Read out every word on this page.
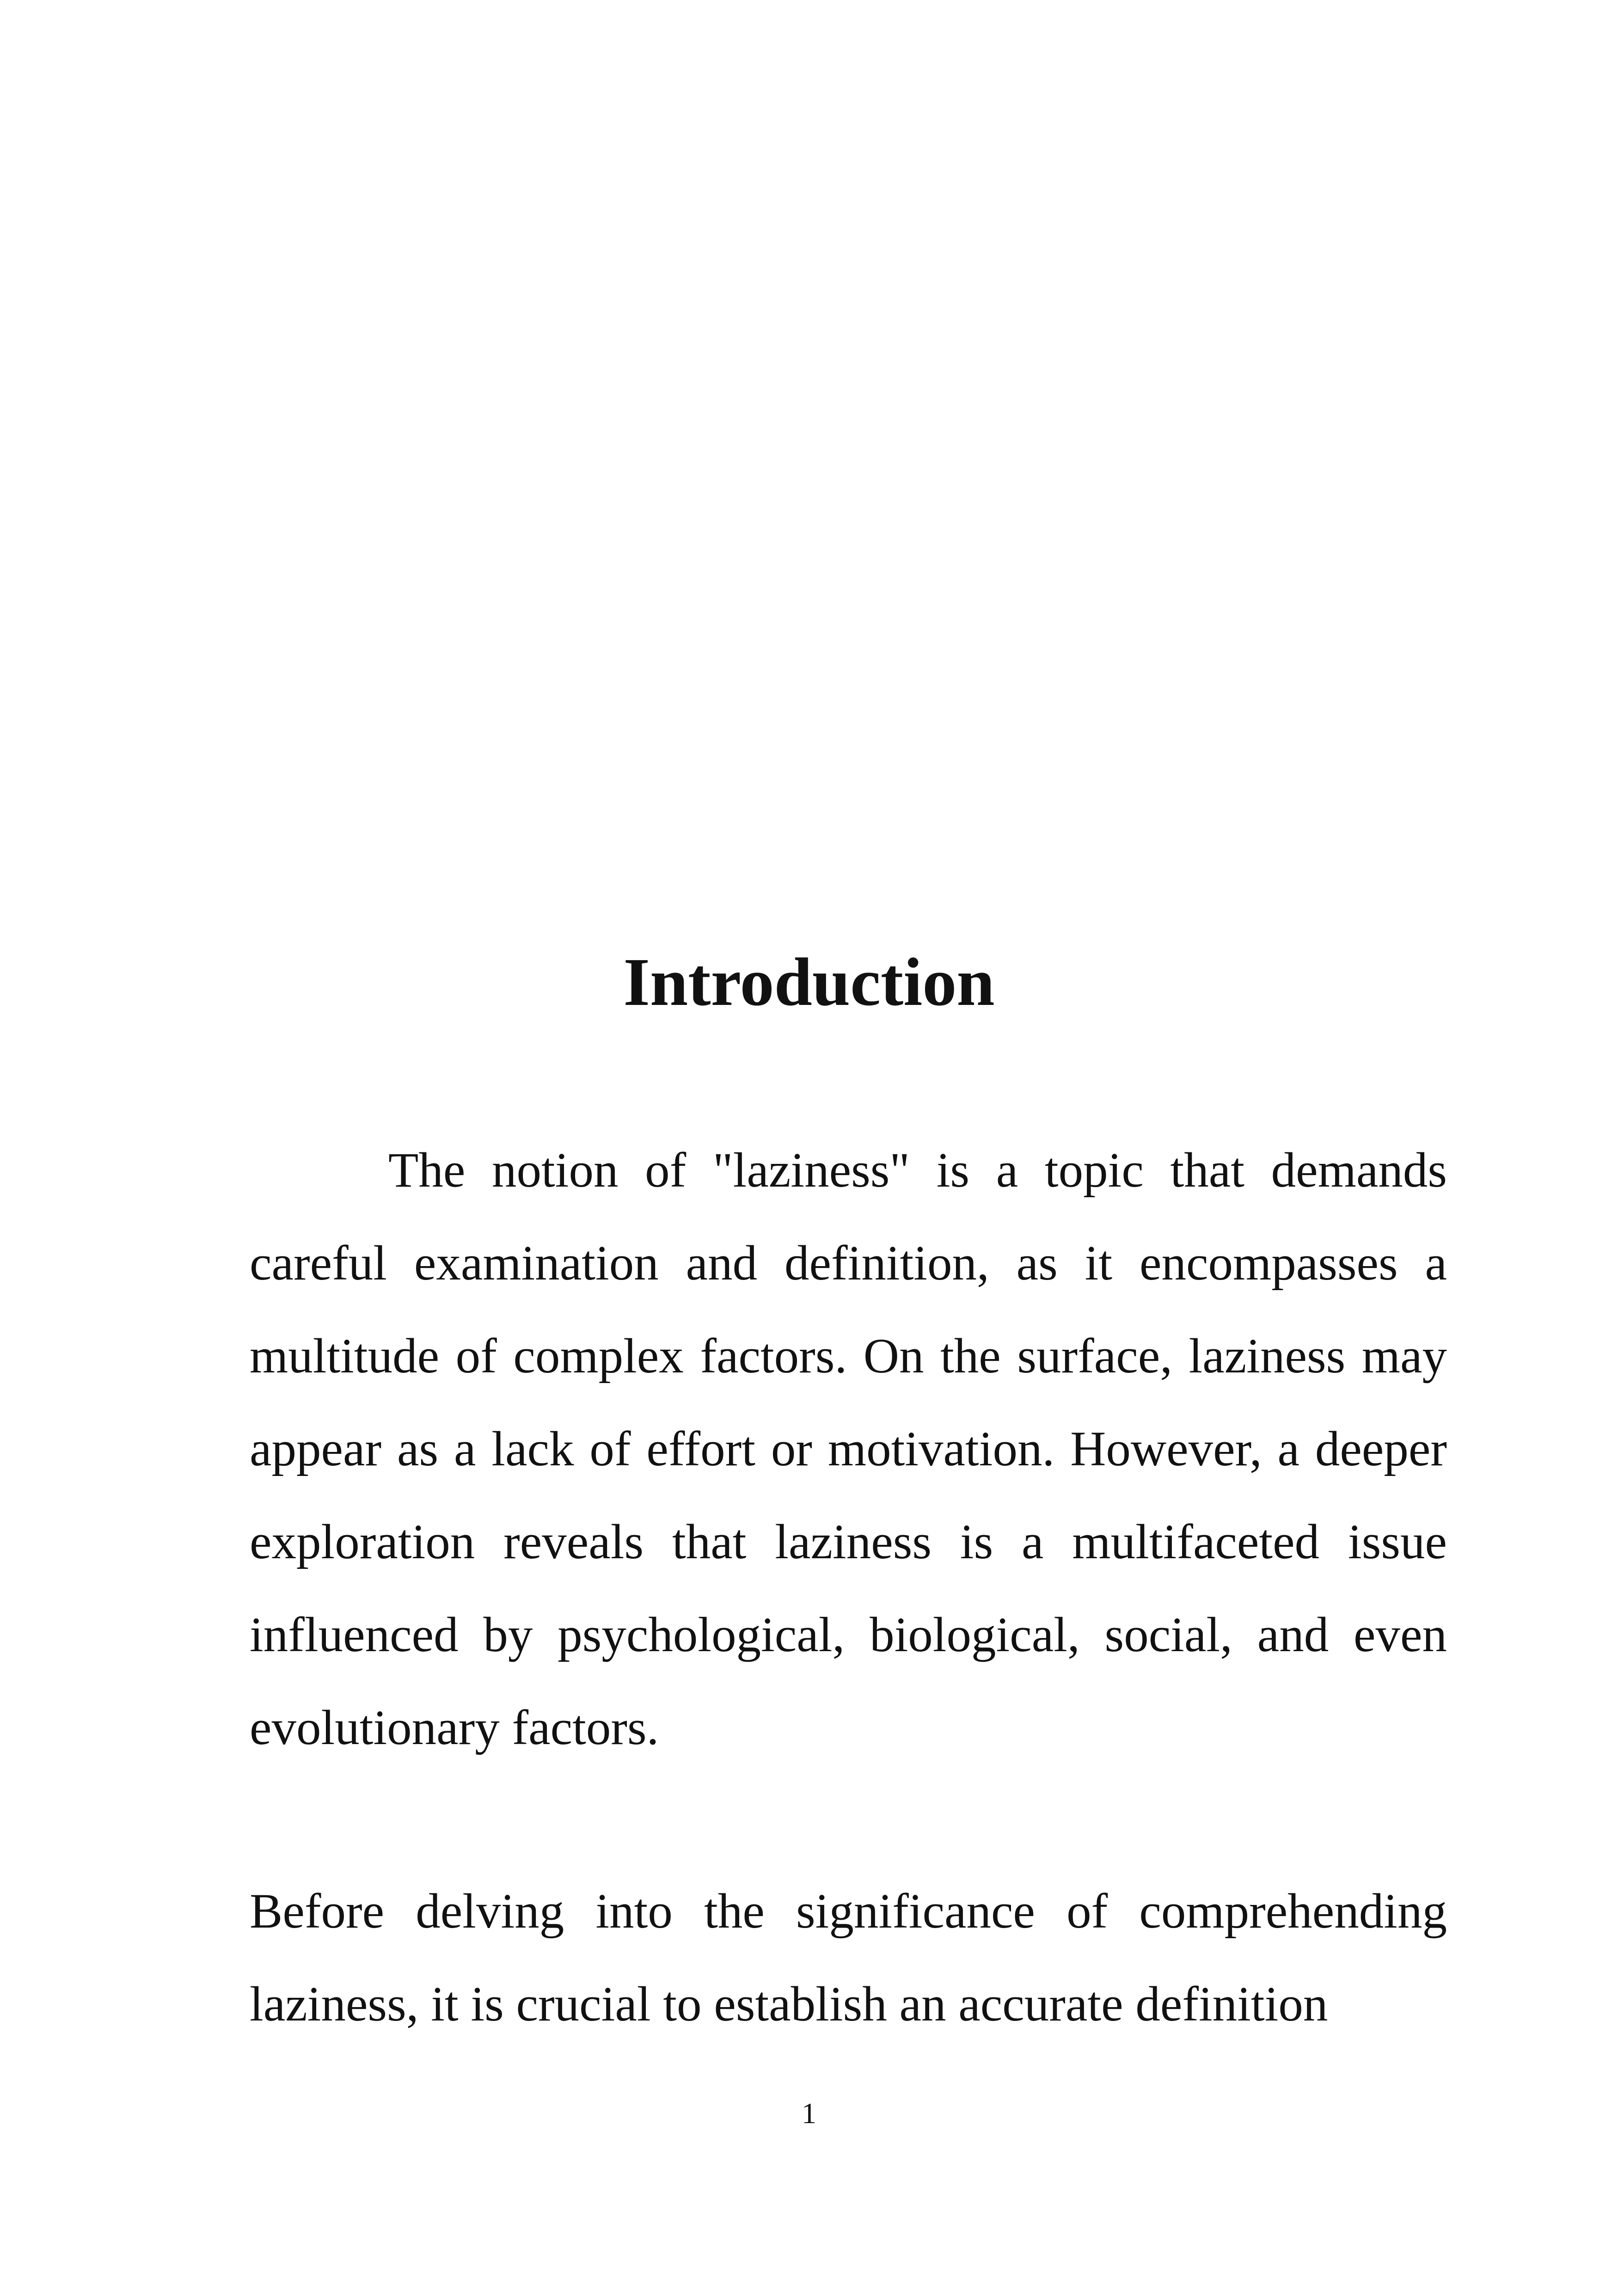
Introduction

The notion of "laziness" is a topic that demands careful examination and definition, as it encompasses a multitude of complex factors. On the surface, laziness may appear as a lack of effort or motivation. However, a deeper exploration reveals that laziness is a multifaceted issue influenced by psychological, biological, social, and even evolutionary factors.

Before delving into the significance of comprehending laziness, it is crucial to establish an accurate definition

1
